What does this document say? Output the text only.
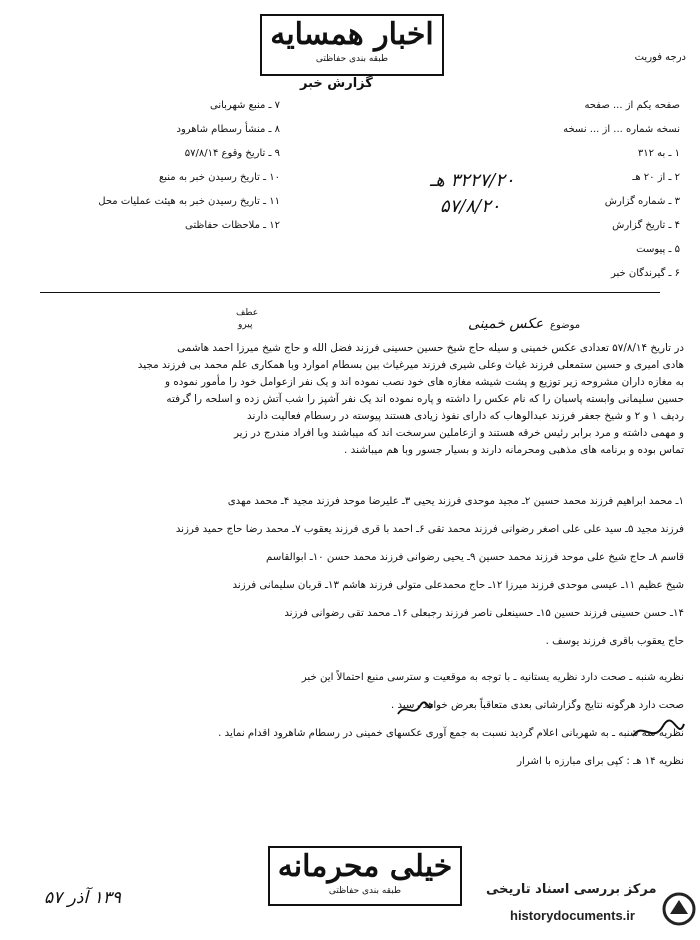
اخبار همسایه
طبقه بندی حفاظتی	درجه فوریت
گزارش خبر
صفحه یکم از ... صفحه
نسخه شماره ... از ... نسخه
۱ ـ به ۳۱۲
۲ ـ از ۲۰ هـ
۳ ـ شماره گزارش
۴ ـ تاریخ گزارش
۵ ـ پیوست
۶ ـ گیرندگان خبر
۷ ـ منبع شهربانی
۸ ـ منشأ رسطام شاهرود
۹ ـ تاریخ وقوع ۵۷/۸/۱۴
۱۰ ـ تاریخ رسیدن خبر به منبع
۱۱ ـ تاریخ رسیدن خبر به هیئت عملیات محل
۱۲ ـ ملاحظات حفاظتی
۳۲۲۷/۲۰ هـ
۵۷/۸/۲۰
عطف
پیرو	موضوع
عکس خمینی
در تاریخ ۵۷/۸/۱۴ تعدادی عکس خمینی و سیله حاج شیخ حسین حسینی فرزند فضل الله و حاج شیخ میرزا احمد هاشمی
هادی امیری و حسین ستمعلی فرزند غیاث وعلی شیری فرزند میرغیاث بین بسطام اموارد وبا همکاری علم محمد بی فرزند مجید
به مغازه داران مشروحه زیر توزیع و پشت شیشه مغازه های خود نصب نموده اند و یک نفر ازعوامل خود را مأمور نموده و
حسین سلیمانی وابسته پاسبان را که نام عکس را داشته و پاره نموده اند یک نفر آشپز را شب آتش زده و اسلحه را گرفته
ردیف ۱ و ۲ و شیخ جعفر فرزند عبدالوهاب که دارای نفوذ زیادی هستند پیوسته در رسطام فعالیت دارند
و مهمی داشته و مرد برابر رئیس خرقه هستند و ازعاملین سرسخت اند که میباشند وبا افراد مندرج در زیر
تماس بوده و برنامه های مذهبی ومحرمانه دارند و بسیار جسور وبا هم میباشند .
۱ـ محمد ابراهیم فرزند محمد حسین ۲ـ مجید موحدی فرزند یحیی ۳ـ علیرضا موحد فرزند مجید ۴ـ محمد مهدی
فرزند مجید ۵ـ سید علی علی اصغر رضوانی فرزند محمد تقی ۶ـ احمد با قری فرزند یعقوب ۷ـ محمد رضا حاج حمید فرزند
قاسم ۸ـ حاج شیخ علی موحد فرزند محمد حسین ۹ـ یحیی رضوانی فرزند محمد حسن ۱۰ـ ابوالقاسم
شیخ عظیم ۱۱ـ عیسی موحدی فرزند میرزا ۱۲ـ حاج محمدعلی متولی فرزند هاشم ۱۳ـ قربان سلیمانی فرزند
۱۴ـ حسن حسینی فرزند حسین ۱۵ـ حسینعلی ناصر فرزند رجبعلی ۱۶ـ محمد تقی رضوانی فرزند
حاج یعقوب باقری فرزند یوسف .
نظریه شنبه ـ صحت دارد نظریه یستانیه ـ با توجه به موقعیت و سترسی منبع احتمالاً این خبر
صحت دارد هرگونه نتایج وگزارشاتی بعدی متعاقباً بعرض خواهد رسید .
نظریه سه شنبه ـ به شهربانی اعلام گردید نسبت به جمع آوری عکسهای خمینی در رسطام شاهرود اقدام نماید .
نظریه ۱۴ هـ : کپی برای مبارزه با اشرار
خیلی محرمانه
طبقه بندی حفاظتی
۱۳۹ آذر ۵۷	مرکز بررسی اسناد تاریخی
historydocuments.ir
